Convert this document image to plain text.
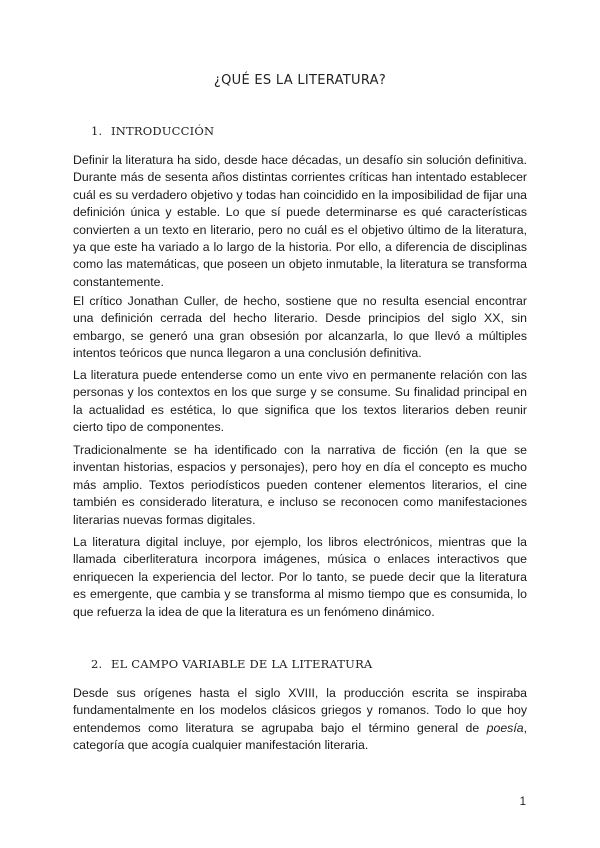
¿QUÉ ES LA LITERATURA?
1. INTRODUCCIÓN

Definir la literatura ha sido, desde hace décadas, un desafío sin solución definitiva. Durante más de sesenta años distintas corrientes críticas han intentado establecer cuál es su verdadero objetivo y todas han coincidido en la imposibilidad de fijar una definición única y estable. Lo que sí puede determinarse es qué características convierten a un texto en literario, pero no cuál es el objetivo último de la literatura, ya que este ha variado a lo largo de la historia. Por ello, a diferencia de disciplinas como las matemáticas, que poseen un objeto inmutable, la literatura se transforma constantemente.

El crítico Jonathan Culler, de hecho, sostiene que no resulta esencial encontrar una definición cerrada del hecho literario. Desde principios del siglo XX, sin embargo, se generó una gran obsesión por alcanzarla, lo que llevó a múltiples intentos teóricos que nunca llegaron a una conclusión definitiva.

La literatura puede entenderse como un ente vivo en permanente relación con las personas y los contextos en los que surge y se consume. Su finalidad principal en la actualidad es estética, lo que significa que los textos literarios deben reunir cierto tipo de componentes.

Tradicionalmente se ha identificado con la narrativa de ficción (en la que se inventan historias, espacios y personajes), pero hoy en día el concepto es mucho más amplio. Textos periodísticos pueden contener elementos literarios, el cine también es considerado literatura, e incluso se reconocen como manifestaciones literarias nuevas formas digitales.

La literatura digital incluye, por ejemplo, los libros electrónicos, mientras que la llamada ciberliteratura incorpora imágenes, música o enlaces interactivos que enriquecen la experiencia del lector. Por lo tanto, se puede decir que la literatura es emergente, que cambia y se transforma al mismo tiempo que es consumida, lo que refuerza la idea de que la literatura es un fenómeno dinámico.

2. EL CAMPO VARIABLE DE LA LITERATURA

Desde sus orígenes hasta el siglo XVIII, la producción escrita se inspiraba fundamentalmente en los modelos clásicos griegos y romanos. Todo lo que hoy entendemos como literatura se agrupaba bajo el término general de poesía, categoría que acogía cualquier manifestación literaria.

1
